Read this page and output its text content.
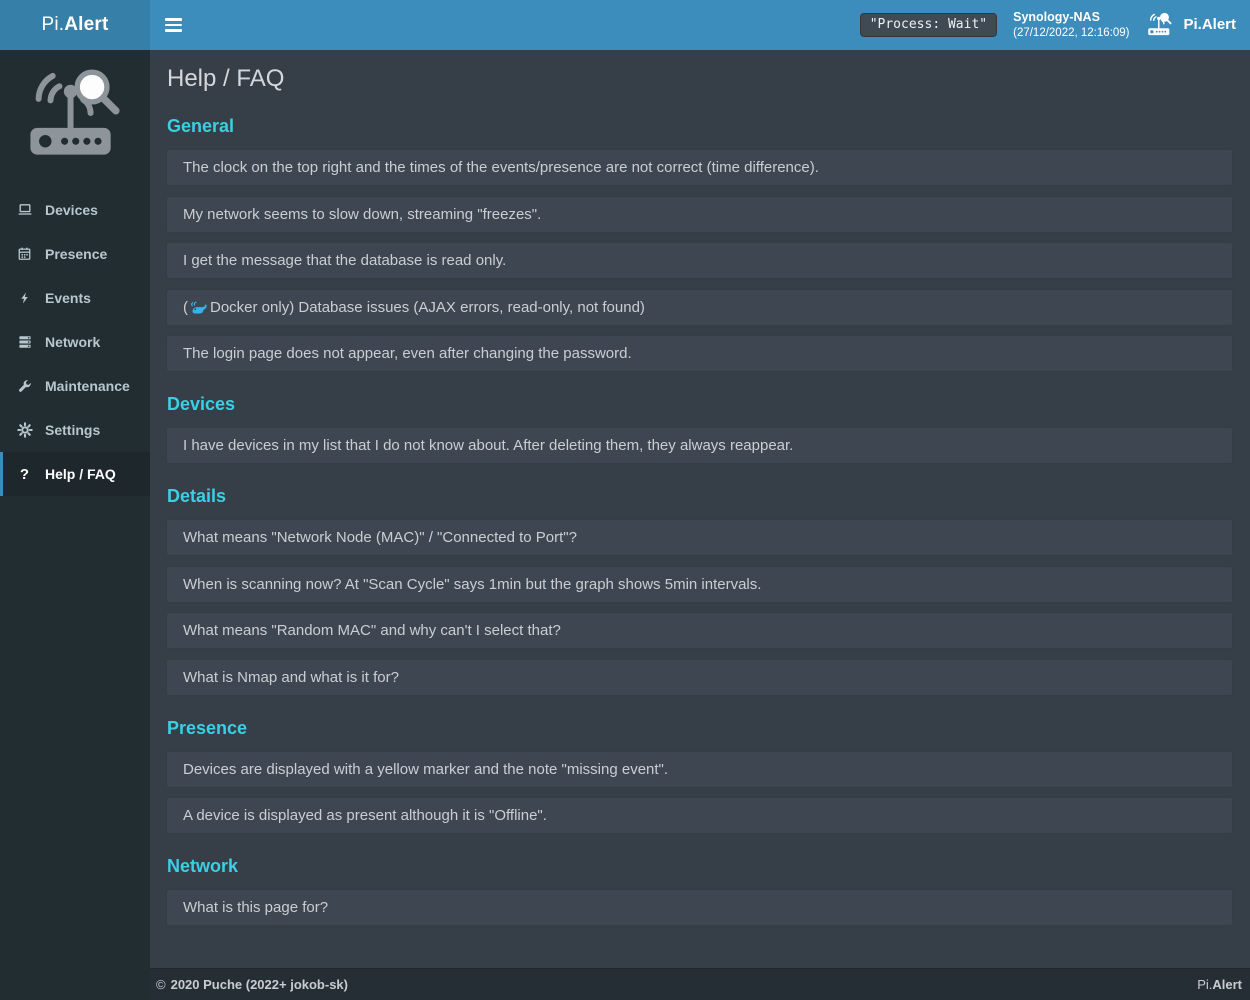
Pi. Alert	"Process: Wait"	Synology-NAS
(27/12/2022, 12:16:09)	Pi.Alert
Devices
Presence
Events
Network
Maintenance
Settings
?	Help / FAQ
Help / FAQ
General
The clock on the top right and the times of the events/presence are not correct (time difference).
My network seems to slow down, streaming "freezes".
I get the message that the database is read only.
( Docker only) Database issues (AJAX errors, read-only, not found)
The login page does not appear, even after changing the password.
Devices
I have devices in my list that I do not know about. After deleting them, they always reappear.
Details
What means "Network Node (MAC)" / "Connected to Port"?
When is scanning now? At "Scan Cycle" says 1min but the graph shows 5min intervals.
What means "Random MAC" and why can't I select that?
What is Nmap and what is it for?
Presence
Devices are displayed with a yellow marker and the note "missing event".
A device is displayed as present although it is "Offline".
Network
What is this page for?
© 2020 Puche (2022+ jokob-sk)	Pi.Alert
